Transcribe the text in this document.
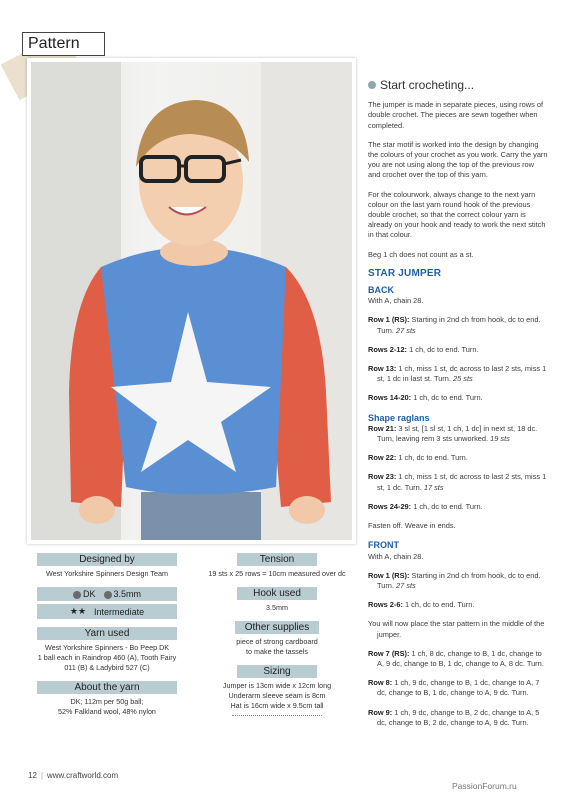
Pattern
Start crocheting...

The jumper is made in separate pieces, using rows of double crochet. The pieces are sewn together when completed.

The star motif is worked into the design by changing the colours of your crochet as you work. Carry the yarn you are not using along the top of the previous row and crochet over the top of this yarn.

For the colourwork, always change to the next yarn colour on the last yarn round hook of the previous double crochet, so that the correct colour yarn is already on your hook and ready to work the next stitch in that colour.

Beg 1 ch does not count as a st.

STAR JUMPER
BACK

With A, chain 28.

Row 1 (RS): Starting in 2nd ch from hook, dc to end. Turn. 27 sts

Rows 2-12: 1 ch, dc to end. Turn.

Row 13: 1 ch, miss 1 st, dc across to last 2 sts, miss 1 st, 1 dc in last st. Turn. 25 sts

Rows 14-20: 1 ch, dc to end. Turn.

Shape raglans

Row 21: 3 sl st, [1 sl st, 1 ch, 1 dc] in next st, 18 dc. Turn, leaving rem 3 sts unworked. 19 sts

Row 22: 1 ch, dc to end. Turn.

Row 23: 1 ch, miss 1 st, dc across to last 2 sts, miss 1 st, 1 dc. Turn. 17 sts

Rows 24-29: 1 ch, dc to end. Turn.

Fasten off. Weave in ends.

FRONT

With A, chain 28.

Row 1 (RS): Starting in 2nd ch from hook, dc to end. Turn. 27 sts

Rows 2-6: 1 ch, dc to end. Turn.

You will now place the star pattern in the middle of the jumper.

Row 7 (RS): 1 ch, 8 dc, change to B, 1 dc, change to A, 9 dc, change to B, 1 dc, change to A, 8 dc. Turn.

Row 8: 1 ch, 9 dc, change to B, 1 dc, change to A, 7 dc, change to B, 1 dc, change to A, 9 dc. Turn.

Row 9: 1 ch, 9 dc, change to B, 2 dc, change to A, 5 dc, change to B, 2 dc, change to A, 9 dc. Turn.

Designed by
West Yorkshire Spinners Design Team
DK	3.5mm
★★ Intermediate
Yarn used
West Yorkshire Spinners - Bo Peep DK
1 ball each in Raindrop 460 (A), Tooth Fairy
011 (B) & Ladybird 527 (C)
About the yarn
DK; 112m per 50g ball;
52% Falkland wool, 48% nylon
Tension
19 sts x 25 rows = 10cm measured over dc
Hook used
3.5mm
Other supplies
piece of strong cardboard
to make the tassels
Sizing
Jumper is 13cm wide x 12cm long
Underarm sleeve seam is 8cm
Hat is 16cm wide x 9.5cm tall
12 | www.craftworld.com
PassionForum.ru
